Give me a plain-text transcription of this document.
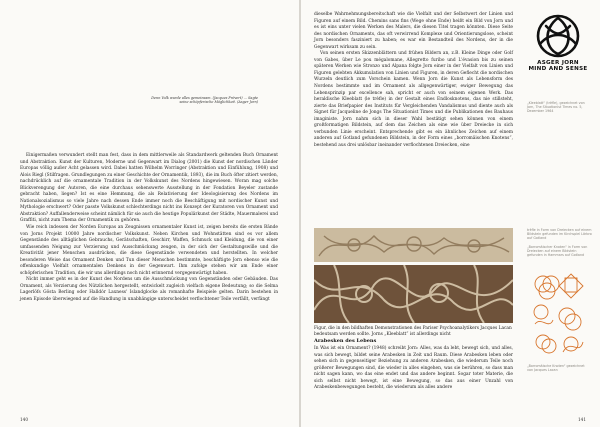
Denn Volk wurde alles gemeinsam. (Jacques Prévert) … Sagte seine schöpferische Möglichkeit. (Asger Jorn)

Einigermaßen verwundert stellt man fest, dass in dem mittlerweile als Standardwerk geltenden Buch Ornament und Abstraktion. Kunst der Kulturen, Moderne und Gegenwart im Dialog (2001) die Kunst der nordischen Länder Europas völlig außer Acht gelassen wird. Dabei hatten Wilhelm Worringer (Abstraktion und Einfühlung, 1908) und Alois Riegl (Stilfragen. Grundlegungen zu einer Geschichte der Ornamentik, 1893), die im Buch öfter zitiert werden, nachdrücklich auf die ornamentale Tradition in der Volkskunst des Nordens hingewiesen. Woran mag solche Blickverengung der Autoren, die eine durchaus sehenswerte Ausstellung in der Fondation Beyeler zustande gebracht haben, liegen? Ist es eine Hemmung, die als Relativierung der Ideologisierung des Nordens im Nationalsozialismus so viele Jahre nach dessen Ende immer noch die Beschäftigung mit nordischer Kunst und Mythologie erschwert? Oder passte Volkskunst schlechterdings nicht ins Konzept der Kuratoren von Ornament und Abstraktion? Auffallenderweise scheint nämlich für sie auch die heutige Populärkunst der Städte, Mauermalerei und Graffiti, nicht zum Thema der Ornamentik zu gehören.

Wie reich indessen der Norden Europas an Zeugnissen ornamentaler Kunst ist, zeigen bereits die ersten Bände von Jorns Projekt 10000 Jahre nordischer Volkskunst. Neben Kirchen und Wohnstätten sind es vor allem Gegenstände des alltäglichen Gebrauchs, Gerätschaften, Geschirr, Waffen, Schmuck und Kleidung, die von einer umfassenden Neigung zur Verzierung und Ausschmückung zeugen, in der sich der Gestaltungswille und die Kreativität jener Menschen ausdrücken, die diese Gegenstände verwendeten und herstellten. In welcher besonderen Weise das Ornament Denken und Tun dieser Menschen bestimmte, beschäftigte Jorn ebenso wie die offenkundige Vielfalt ornamentalen Denkens in der Gegenwart. Ihm zufolge stehen wir am Ende einer schöpferischen Tradition, die wir uns allerdings noch nicht erinnernd vergegenwärtigt haben.

Nicht immer geht es in der Kunst des Nordens um die Ausschmückung von Gegenständen oder Gebäuden. Das Ornament, als Verzierung des Nützlichen hergestellt, entwickelt zugleich vielfach eigene Bedeutung; so die Selma Lagerlöfs Gösta Berling oder Halldór Laxness' Islandglocke als romanhafte Beispiele gelten. Darin bestehen in jenen Episode überwiegend auf die Handlung in unabhängige unterscheidet verflochtener Teile verfällt, verfängt

140

dieselbe Wahrnehmungsbereitschaft wie die Vielfalt und der Selbstwert der Linien und Figuren auf einem Bild. Chemins sans fins (Wege ohne Ende) heißt ein Bild von Jorn und es ist eins unter vielen Werken des Malers, die diesen Titel tragen könnten. Diese Seite des nordischen Ornaments, das oft verwirrend Komplexe und Orientierungslose, scheint Jorn besonders fasziniert zu haben; es war ein Bestandteil des Nordens, der in die Gegenwart wirksam zu sein.

Von seinen ersten Skizzenblättern und frühen Bildern an, z.B. Kleine Dinge oder Golf von Gabes, über Le pou mégalomane, Allegretto furibo und L'évasion bis zu seinen späteren Werken wie Stronzo und Alpana folgte Jorn einer in der Vielfalt von Linien und Figuren gelebten Akkumulation von Linien und Figuren, in deren Geflecht die nordischen Wurzeln deutlich zum Vorschein kamen. Wenn Jorn die Kunst als Lebensform des Nordens bestimmte und im Ornament als allgegenwärtiger, ewiger Bewegung das Lebensprinzip par excellence sah, spricht er auch von seinem eigenen Werk. Das heraldische Kleeblatt (le trèfle) in der Gestalt eines Endlosknotens, das nie stillsteht, zierte das Briefpapier des Instituts für Vergleichenden Vandalismus und diente auch als Signet für Jacqueline de Jongs The Situationist Times und die Publikationen des Bauhaus imaginiste. Jorn nahm sich in dieser Wahl bestätigt sehen können von einem großformatigen Bildstein, auf dem das Zeichen als eine wie über Dreiecke in sich verbunden Linie erscheint. Entsprechende gibt es ein ähnliches Zeichen auf einem anderen auf Gotland gefundenen Bildstein, in der Form eines „borromäischen Knotens“, bestehend aus drei unlösbar ineinander verflochtenen Dreiecken, eine

ASGER JORN
MIND AND SENSE
„Kleeblatt“ (trèfle), gezeichnet von Jorn, The Situationist Times no. 5, Dezember 1964
trèfle in Form von Dreiecken auf einem Bildstein gefunden im Kirchspiel Lärbro auf Gotland
„Borromäischer Knoten“ in Form von Dreiecken auf einem Bildstein gefunden in Hammars auf Gotland
„Borromäische Knoten“ gezeichnet von Jacques Lacan
Figur, die in den bildhaften Demonstrationen des Pariser Psychoanalytikers Jacques Lacan bedeutsam werden sollte. Jorns „Kleeblatt“ ist allerdings nicht
Arabesken des Lebens
In Was ist ein Ornament? (1948) schreibt Jorn: Alles, was da lebt, bewegt sich, und alles, was sich bewegt, bildet seine Arabesken in Zeit und Raum. Diese Arabesken leben oder sehen sich in gegenseitiger Beziehung zu anderen Arabesken, die wiederum Teile noch größerer Bewegungen sind, die wieder in alles eingehen, was sie berühren, so dass man nicht sagen kann, wo das eine endet und das andere beginnt. Sogar toter Materie, die sich selbst nicht bewegt, ist eine Bewegung, so das aus einer Unzahl von Arabeskenbewegungen besteht, die wiederum als alles andere
141
